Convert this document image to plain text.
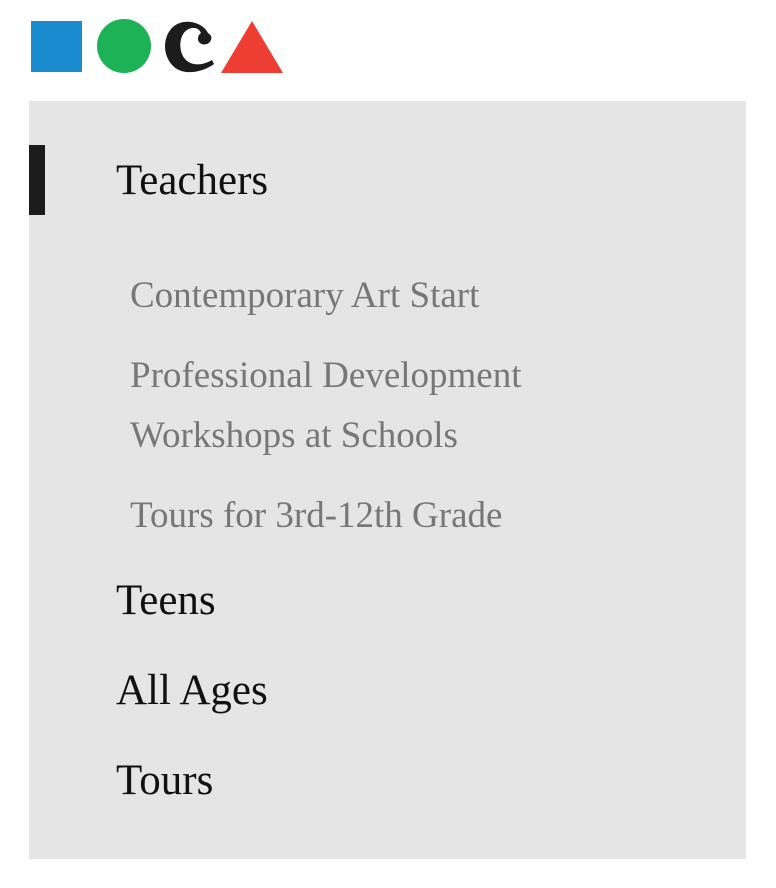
Teachers
Contemporary Art Start
Professional Development
Workshops at Schools
Tours for 3rd-12th Grade
Teens
All Ages
Tours
